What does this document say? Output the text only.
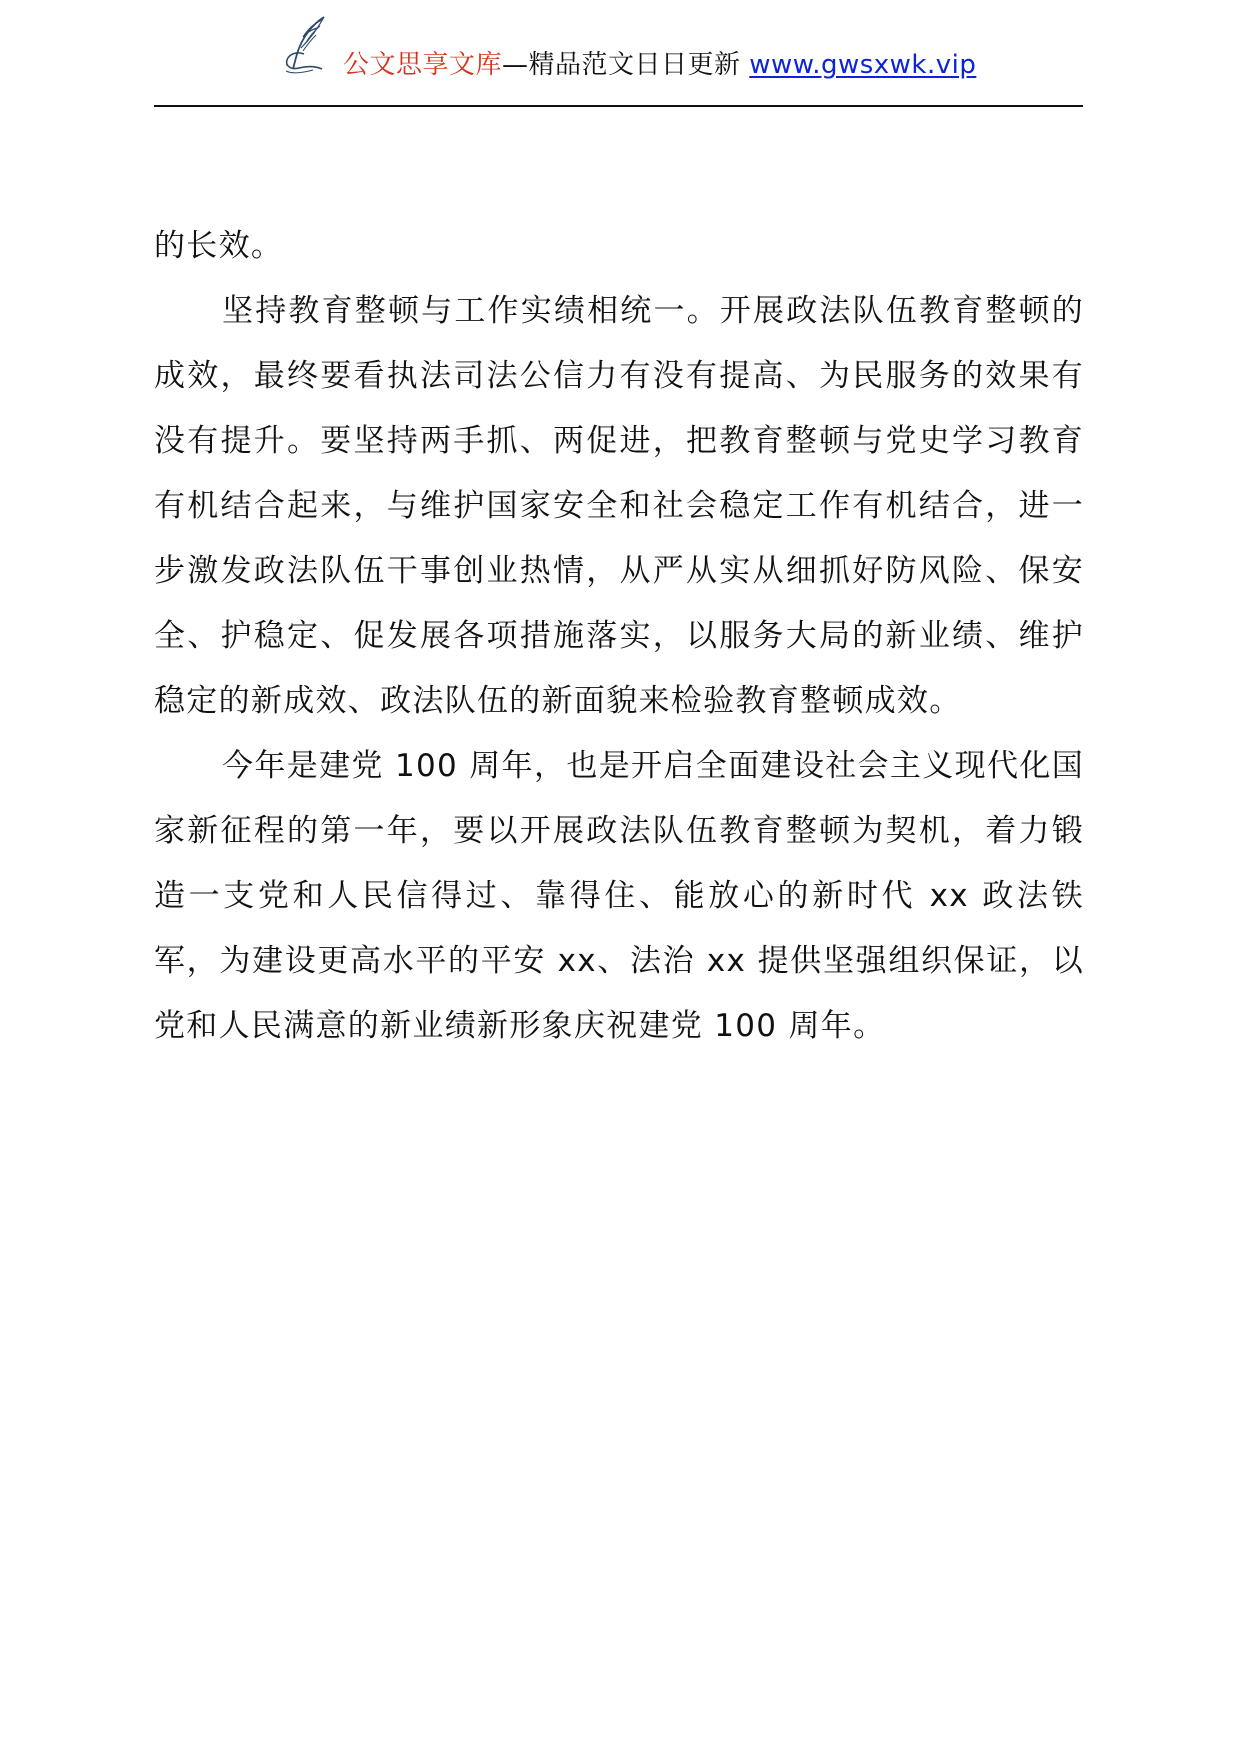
公文思享文库—精品范文日日更新 www.gwsxwk.vip

的长效。

坚持教育整顿与工作实绩相统一。开展政法队伍教育整顿的成效，最终要看执法司法公信力有没有提高、为民服务的效果有没有提升。要坚持两手抓、两促进，把教育整顿与党史学习教育有机结合起来，与维护国家安全和社会稳定工作有机结合，进一步激发政法队伍干事创业热情，从严从实从细抓好防风险、保安全、护稳定、促发展各项措施落实，以服务大局的新业绩、维护稳定的新成效、政法队伍的新面貌来检验教育整顿成效。

今年是建党 100 周年，也是开启全面建设社会主义现代化国家新征程的第一年，要以开展政法队伍教育整顿为契机，着力锻造一支党和人民信得过、靠得住、能放心的新时代 xx 政法铁军，为建设更高水平的平安 xx、法治 xx 提供坚强组织保证，以党和人民满意的新业绩新形象庆祝建党 100 周年。
